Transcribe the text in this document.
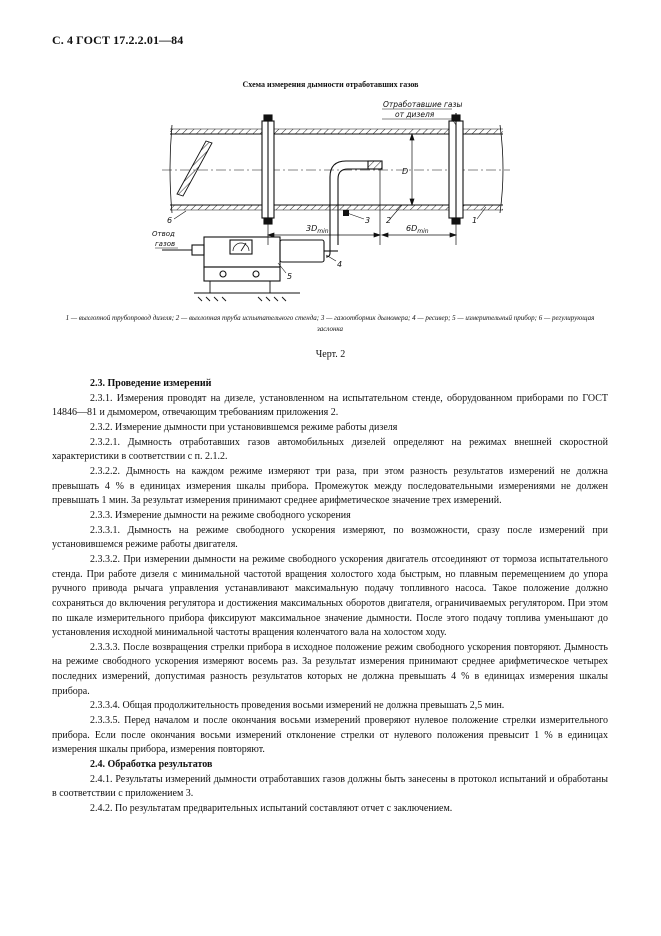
С. 4 ГОСТ 17.2.2.01—84
Схема измерения дымности отработавших газов
$3D_{min}$	$6D_{min}$
D
Отработавшие газы
от дизеля
Отвод
газов
6	3 2	1
4
5
1 — выхлопной трубопровод дизеля; 2 — выхлопная труба испытательного стенда; 3 — газоотборник дымомера; 4 — ресивер; 5 — измерительный прибор; 6 — регулирующая заслонка
Черт. 2

2.3. Проведение измерений

2.3.1. Измерения проводят на дизеле, установленном на испытательном стенде, оборудованном приборами по ГОСТ 14846—81 и дымомером, отвечающим требованиям приложения 2.

2.3.2. Измерение дымности при установившемся режиме работы дизеля

2.3.2.1. Дымность отработавших газов автомобильных дизелей определяют на режимах внешней скоростной характеристики в соответствии с п. 2.1.2.

2.3.2.2. Дымность на каждом режиме измеряют три раза, при этом разность результатов измерений не должна превышать 4 % в единицах измерения шкалы прибора. Промежуток между последовательными измерениями не должен превышать 1 мин. За результат измерения принимают среднее арифметическое значение трех измерений.

2.3.3. Измерение дымности на режиме свободного ускорения

2.3.3.1. Дымность на режиме свободного ускорения измеряют, по возможности, сразу после измерений при установившемся режиме работы двигателя.

2.3.3.2. При измерении дымности на режиме свободного ускорения двигатель отсоединяют от тормоза испытательного стенда. При работе дизеля с минимальной частотой вращения холостого хода быстрым, но плавным перемещением до упора ручного привода рычага управления устанавливают максимальную подачу топливного насоса. Такое положение должно сохраняться до включения регулятора и достижения максимальных оборотов двигателя, ограничиваемых регулятором. При этом по шкале измерительного прибора фиксируют максимальное значение дымности. После этого подачу топлива уменьшают до установления исходной минимальной частоты вращения коленчатого вала на холостом ходу.

2.3.3.3. После возвращения стрелки прибора в исходное положение режим свободного ускорения повторяют. Дымность на режиме свободного ускорения измеряют восемь раз. За результат измерения принимают среднее арифметическое четырех последних измерений, допустимая разность результатов которых не должна превышать 4 % в единицах измерения шкалы прибора.

2.3.3.4. Общая продолжительность проведения восьми измерений не должна превышать 2,5 мин.

2.3.3.5. Перед началом и после окончания восьми измерений проверяют нулевое положение стрелки измерительного прибора. Если после окончания восьми измерений отклонение стрелки от нулевого положения превысит 1 % в единицах измерения шкалы прибора, измерения повторяют.

2.4. Обработка результатов

2.4.1. Результаты измерений дымности отработавших газов должны быть занесены в протокол испытаний и обработаны в соответствии с приложением 3.

2.4.2. По результатам предварительных испытаний составляют отчет с заключением.
